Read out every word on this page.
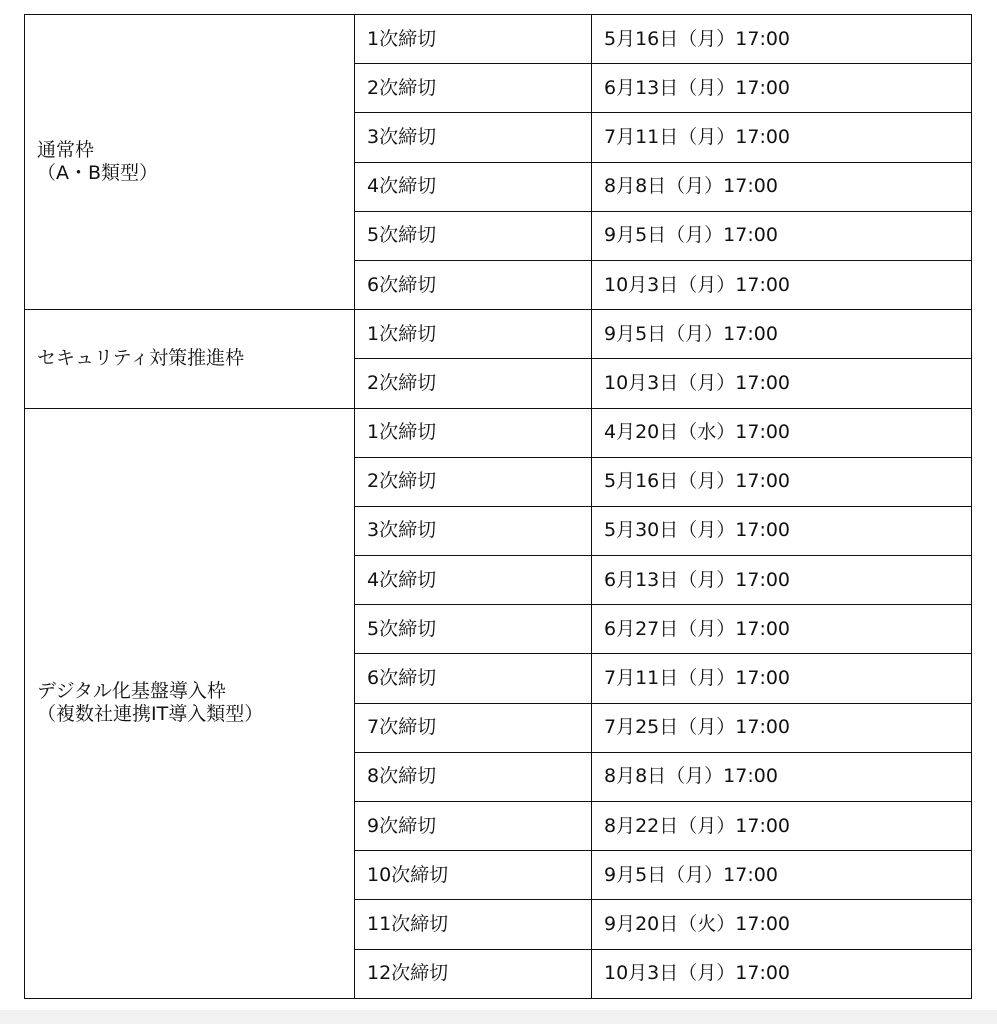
通常枠
（A・B類型）	1次締切	5月16日（月）17:00
	2次締切	6月13日（月）17:00
	3次締切	7月11日（月）17:00
	4次締切	8月8日（月）17:00
	5次締切	9月5日（月）17:00
	6次締切	10月3日（月）17:00

セキュリティ対策推進枠	1次締切	9月5日（月）17:00
	2次締切	10月3日（月）17:00

デジタル化基盤導入枠
（複数社連携IT導入類型）	1次締切	4月20日（水）17:00
	2次締切	5月16日（月）17:00
	3次締切	5月30日（月）17:00
	4次締切	6月13日（月）17:00
	5次締切	6月27日（月）17:00
	6次締切	7月11日（月）17:00
	7次締切	7月25日（月）17:00
	8次締切	8月8日（月）17:00
	9次締切	8月22日（月）17:00
	10次締切	9月5日（月）17:00
	11次締切	9月20日（火）17:00
	12次締切	10月3日（月）17:00
